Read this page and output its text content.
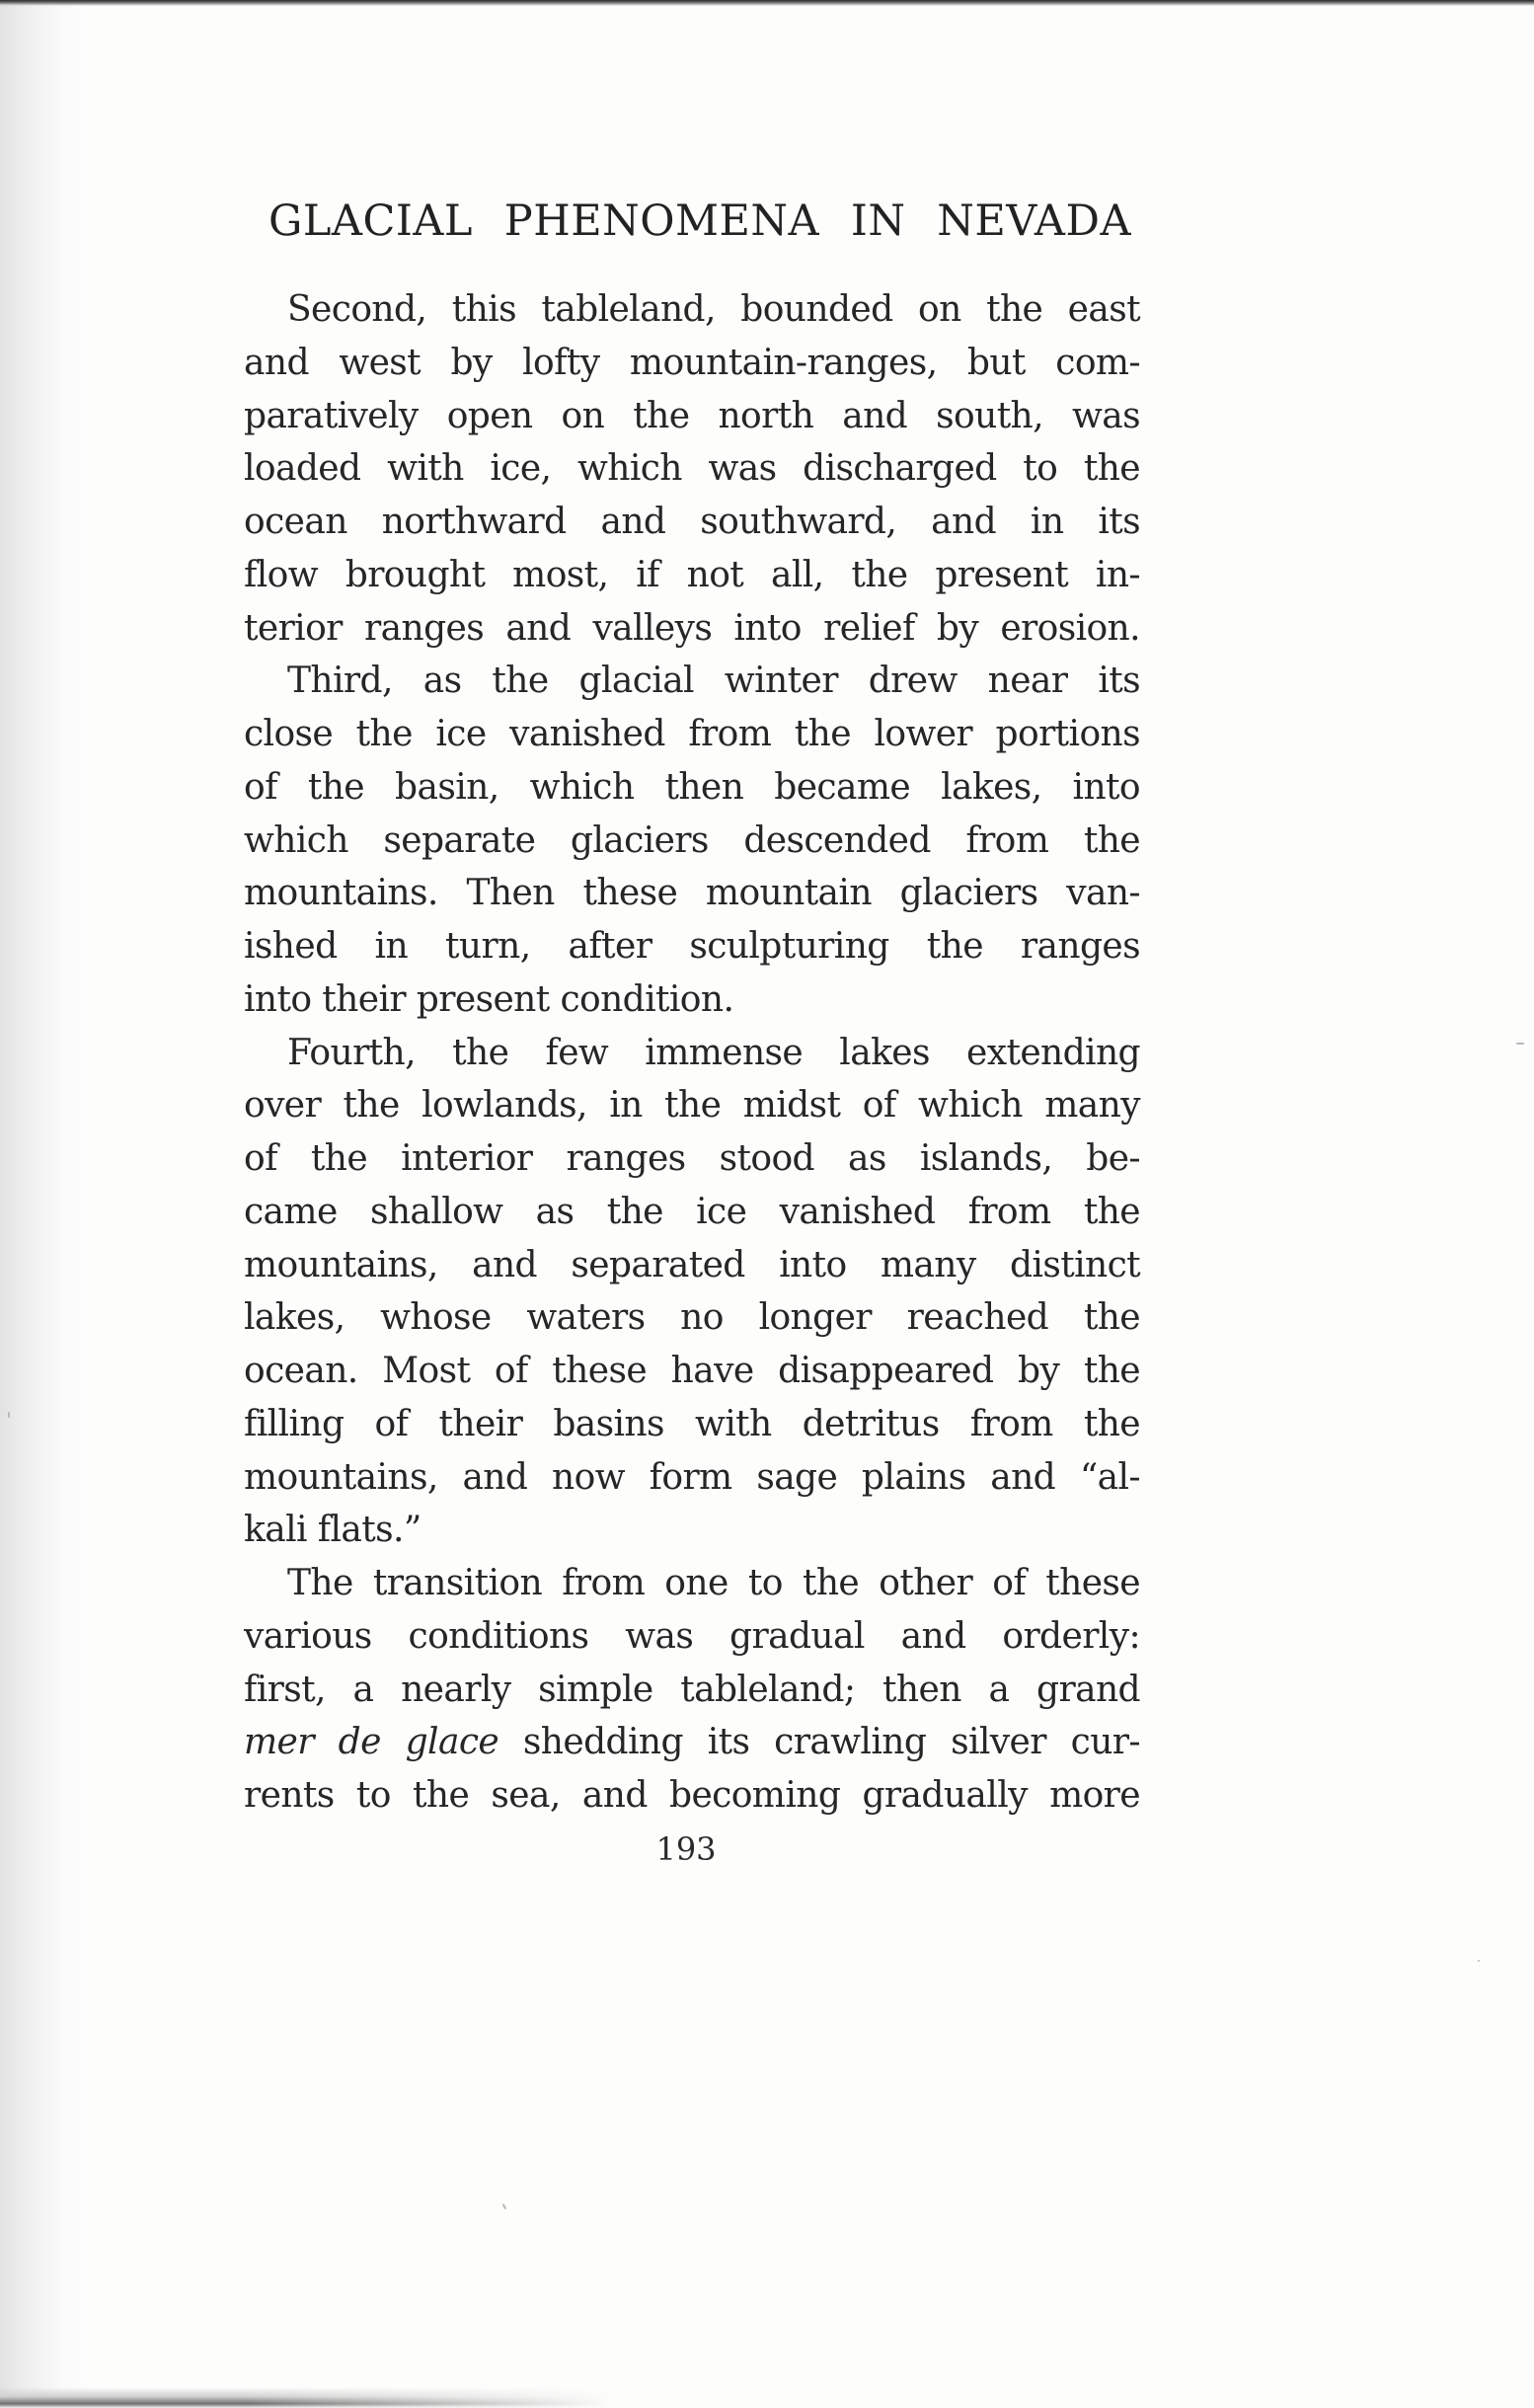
GLACIAL PHENOMENA IN NEVADA
Second, this tableland, bounded on the east
and west by lofty mountain-ranges, but com-
paratively open on the north and south, was
loaded with ice, which was discharged to the
ocean northward and southward, and in its
flow brought most, if not all, the present in-
terior ranges and valleys into relief by erosion.
Third, as the glacial winter drew near its
close the ice vanished from the lower portions
of the basin, which then became lakes, into
which separate glaciers descended from the
mountains. Then these mountain glaciers van-
ished in turn, after sculpturing the ranges
into their present condition.
Fourth, the few immense lakes extending
over the lowlands, in the midst of which many
of the interior ranges stood as islands, be-
came shallow as the ice vanished from the
mountains, and separated into many distinct
lakes, whose waters no longer reached the
ocean. Most of these have disappeared by the
filling of their basins with detritus from the
mountains, and now form sage plains and “al-
kali flats.”
The transition from one to the other of these
various conditions was gradual and orderly:
first, a nearly simple tableland; then a grand
mer de glace shedding its crawling silver cur-
rents to the sea, and becoming gradually more
193
